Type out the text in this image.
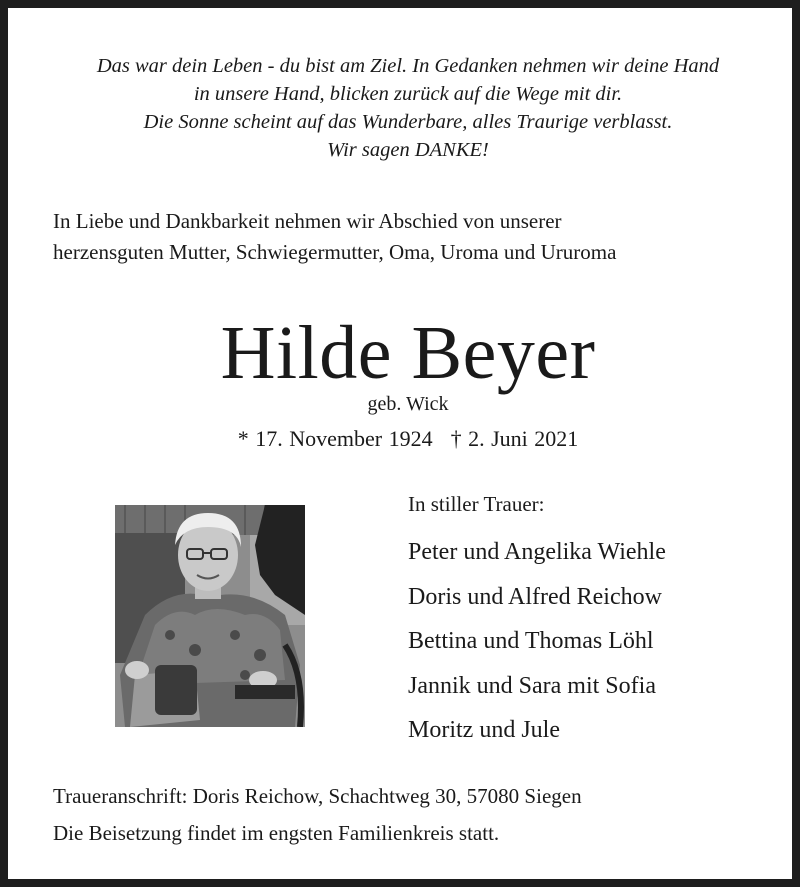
Das war dein Leben - du bist am Ziel. In Gedanken nehmen wir deine Hand
in unsere Hand, blicken zurück auf die Wege mit dir.
Die Sonne scheint auf das Wunderbare, alles Traurige verblasst.
Wir sagen DANKE!
In Liebe und Dankbarkeit nehmen wir Abschied von unserer
herzensguten Mutter, Schwiegermutter, Oma, Uroma und Ururoma
Hilde Beyer
geb. Wick
* 17. November 1924 † 2. Juni 2021
In stiller Trauer:
Peter und Angelika Wiehle
Doris und Alfred Reichow
Bettina und Thomas Löhl
Jannik und Sara mit Sofia
Moritz und Jule
Traueranschrift: Doris Reichow, Schachtweg 30, 57080 Siegen
Die Beisetzung findet im engsten Familienkreis statt.
